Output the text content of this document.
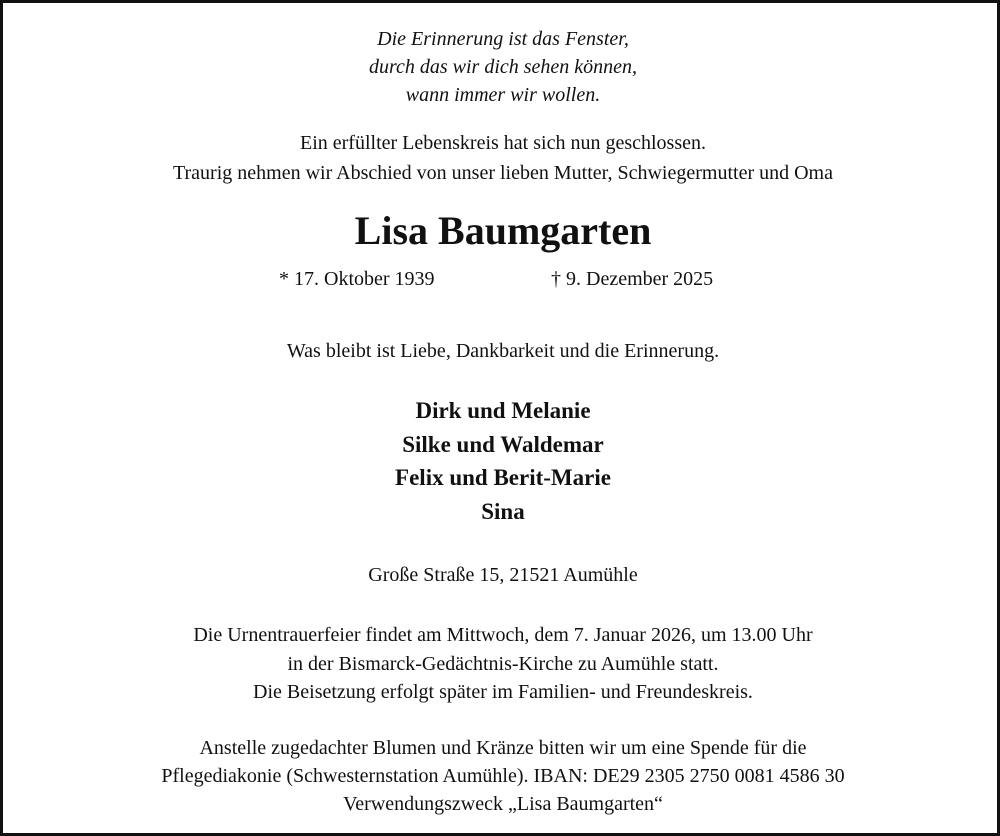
Die Erinnerung ist das Fenster,
durch das wir dich sehen können,
wann immer wir wollen.
Ein erfüllter Lebenskreis hat sich nun geschlossen.
Traurig nehmen wir Abschied von unser lieben Mutter, Schwiegermutter und Oma
Lisa Baumgarten
* 17. Oktober 1939	† 9. Dezember 2025
Was bleibt ist Liebe, Dankbarkeit und die Erinnerung.
Dirk und Melanie
Silke und Waldemar
Felix und Berit-Marie
Sina
Große Straße 15, 21521 Aumühle
Die Urnentrauerfeier findet am Mittwoch, dem 7. Januar 2026, um 13.00 Uhr
in der Bismarck-Gedächtnis-Kirche zu Aumühle statt.
Die Beisetzung erfolgt später im Familien- und Freundeskreis.
Anstelle zugedachter Blumen und Kränze bitten wir um eine Spende für die
Pflegediakonie (Schwesternstation Aumühle). IBAN: DE29 2305 2750 0081 4586 30
Verwendungszweck „Lisa Baumgarten“
